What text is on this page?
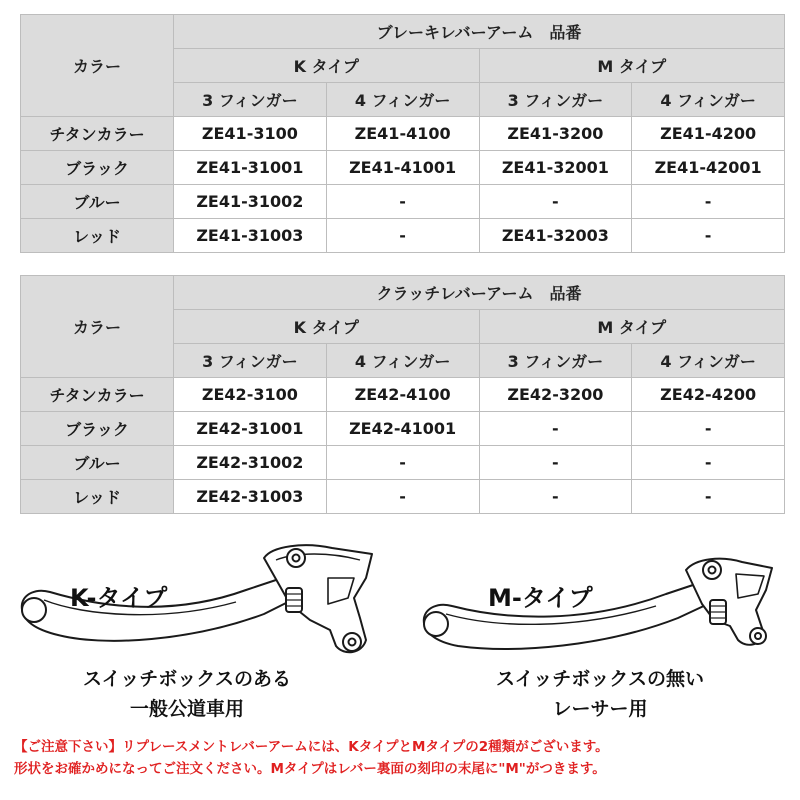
カラー	ブレーキレバーアーム　品番			
	K タイプ		M タイプ	
	3 フィンガー	4 フィンガー	3 フィンガー	4 フィンガー
チタンカラー	ZE41-3100	ZE41-4100	ZE41-3200	ZE41-4200
ブラック	ZE41-31001	ZE41-41001	ZE41-32001	ZE41-42001
ブルー	ZE41-31002	-	-	-
レッド	ZE41-31003	-	ZE41-32003	-
カラー	クラッチレバーアーム　品番			
	K タイプ		M タイプ	
	3 フィンガー	4 フィンガー	3 フィンガー	4 フィンガー
チタンカラー	ZE42-3100	ZE42-4100	ZE42-3200	ZE42-4200
ブラック	ZE42-31001	ZE42-41001	-	-
ブルー	ZE42-31002	-	-	-
レッド	ZE42-31003	-	-	-
K-タイプ	M-タイプ
スイッチボックスのある
一般公道車用
スイッチボックスの無い
レーサー用
【ご注意下さい】リプレースメントレバーアームには、KタイプとMタイプの2種類がございます。
形状をお確かめになってご注文ください。Mタイプはレバー裏面の刻印の末尾に"M"がつきます。
